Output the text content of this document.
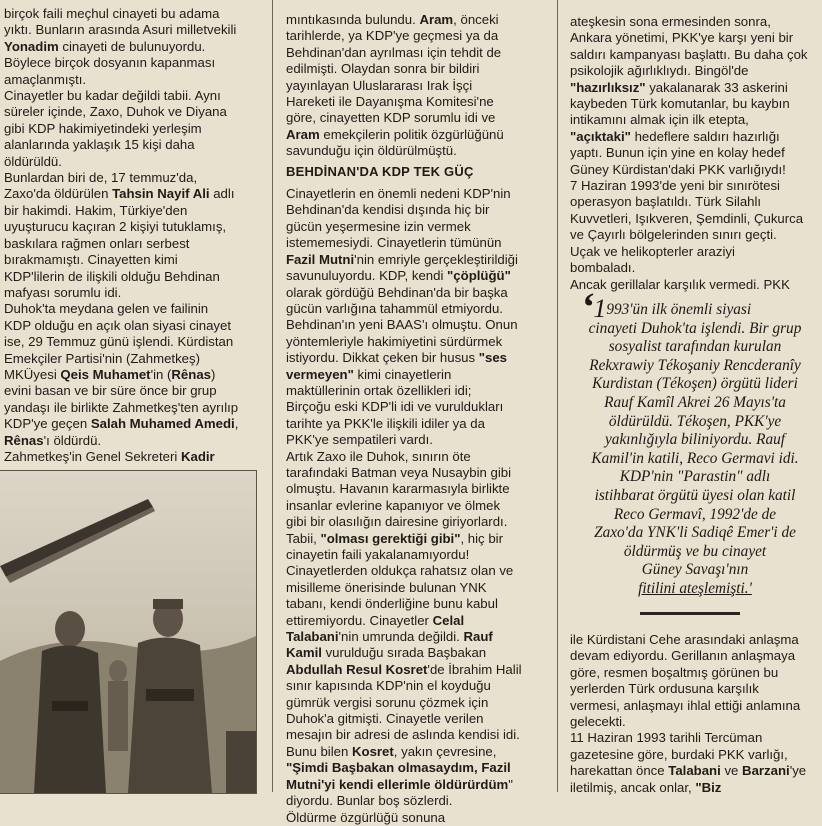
birçok faili meçhul cinayeti bu adama

yıktı. Bunların arasında Asuri milletvekili

Yonadim cinayeti de bulunuyordu.

Böylece birçok dosyanın kapanması

amaçlanmıştı.

Cinayetler bu kadar değildi tabii. Aynı

süreler içinde, Zaxo, Duhok ve Diyana

gibi KDP hakimiyetindeki yerleşim

alanlarında yaklaşık 15 kişi daha

öldürüldü.

Bunlardan biri de, 17 temmuz'da,

Zaxo'da öldürülen Tahsin Nayif Ali adlı

bir hakimdi. Hakim, Türkiye'den

uyuşturucu kaçıran 2 kişiyi tutuklamış,

baskılara rağmen onları serbest

bırakmamıştı. Cinayetten kimi

KDP'lilerin de ilişkili olduğu Behdinan

mafyası sorumlu idi.

Duhok'ta meydana gelen ve failinin

KDP olduğu en açık olan siyasi cinayet

ise, 29 Temmuz günü işlendi. Kürdistan

Emekçiler Partisi'nin (Zahmetkeş)

MKÜyesi Qeis Muhamet'in (Rênas)

evini basan ve bir süre önce bir grup

yandaşı ile birlikte Zahmetkeş'ten ayrılıp

KDP'ye geçen Salah Muhamed Amedi,

Rênas'ı öldürdü.

Zahmetkeş'in Genel Sekreteri Kadir

mıntıkasında bulundu. Aram, önceki

tarihlerde, ya KDP'ye geçmesi ya da

Behdinan'dan ayrılması için tehdit de

edilmişti. Olaydan sonra bir bildiri

yayınlayan Uluslararası Irak İşçi

Hareketi ile Dayanışma Komitesi'ne

göre, cinayetten KDP sorumlu idi ve

Aram emekçilerin politik özgürlüğünü

savunduğu için öldürülmüştü.

BEHDİNAN'DA KDP TEK GÜÇ

Cinayetlerin en önemli nedeni KDP'nin

Behdinan'da kendisi dışında hiç bir

gücün yeşermesine izin vermek

istememesiydi. Cinayetlerin tümünün

Fazil Mutni'nin emriyle gerçekleştirildiği

savunuluyordu. KDP, kendi "çöplüğü"

olarak gördüğü Behdinan'da bir başka

gücün varlığına tahammül etmiyordu.

Behdinan'ın yeni BAAS'ı olmuştu. Onun

yöntemleriyle hakimiyetini sürdürmek

istiyordu. Dikkat çeken bir husus "ses

vermeyen" kimi cinayetlerin

maktüllerinin ortak özellikleri idi;

Birçoğu eski KDP'li idi ve vuruldukları

tarihte ya PKK'le ilişkili idiler ya da

PKK'ye sempatileri vardı.

Artık Zaxo ile Duhok, sınırın öte

tarafındaki Batman veya Nusaybin gibi

olmuştu. Havanın kararmasıyla birlikte

insanlar evlerine kapanıyor ve ölmek

gibi bir olasılığın dairesine giriyorlardı.

Tabii, "olması gerektiği gibi", hiç bir

cinayetin faili yakalanamıyordu!

Cinayetlerden oldukça rahatsız olan ve

misilleme önerisinde bulunan YNK

tabanı, kendi önderliğine bunu kabul

ettiremiyordu. Cinayetler Celal

Talabani'nin umrunda değildi. Rauf

Kamil vurulduğu sırada Başbakan

Abdullah Resul Kosret'de İbrahim Halil

sınır kapısında KDP'nin el koyduğu

gümrük vergisi sorunu çözmek için

Duhok'a gitmişti. Cinayetle verilen

mesajın bir adresi de aslında kendisi idi.

Bunu bilen Kosret, yakın çevresine,

"Şimdi Başbakan olmasaydım, Fazil

Mutni'yi kendi ellerimle öldürürdüm"

diyordu. Bunlar boş sözlerdi.

Öldürme özgürlüğü sonuna

ateşkesin sona ermesinden sonra,

Ankara yönetimi, PKK'ye karşı yeni bir

saldırı kampanyası başlattı. Bu daha çok

psikolojik ağırlıklıydı. Bingöl'de

"hazırlıksız" yakalanarak 33 askerini

kaybeden Türk komutanlar, bu kaybın

intikamını almak için ilk etepta,

"açıktaki" hedeflere saldırı hazırlığı

yaptı. Bunun için yine en kolay hedef

Güney Kürdistan'daki PKK varlığıydı!

7 Haziran 1993'de yeni bir sınırötesi

operasyon başlatıldı. Türk Silahlı

Kuvvetleri, Işıkveren, Şemdinli, Çukurca

ve Çayırlı bölgelerinden sınırı geçti.

Uçak ve helikopterler araziyi

bombaladı.

Ancak gerillalar karşılık vermedi. PKK

‘1993'ün ilk önemli siyasi

cinayeti Duhok'ta işlendi. Bir grup

sosyalist tarafından kurulan

Rekxrawiy Tékoşaniy Rencderanîy

Kurdistan (Tékoşen) örgütü lideri

Rauf Kamîl Akrei 26 Mayıs'ta

öldürüldü. Tékoşen, PKK'ye

yakınlığıyla biliniyordu. Rauf

Kamil'in katili, Reco Germavi idi.

KDP'nin "Parastin" adlı

istihbarat örgütü üyesi olan katil

Reco Germavî, 1992'de de

Zaxo'da YNK'li Sadiqê Emer'i de

öldürmüş ve bu cinayet

Güney Savaşı'nın

fitilini ateşlemişti.'

ile Kürdistani Cehe arasındaki anlaşma

devam ediyordu. Gerillanın anlaşmaya

göre, resmen boşaltmış görünen bu

yerlerden Türk ordusuna karşılık

vermesi, anlaşmayı ihlal ettiği anlamına

gelecekti.

11 Haziran 1993 tarihli Tercüman

gazetesine göre, burdaki PKK varlığı,

harekattan önce Talabani ve Barzani'ye

iletilmiş, ancak onlar, "Biz
